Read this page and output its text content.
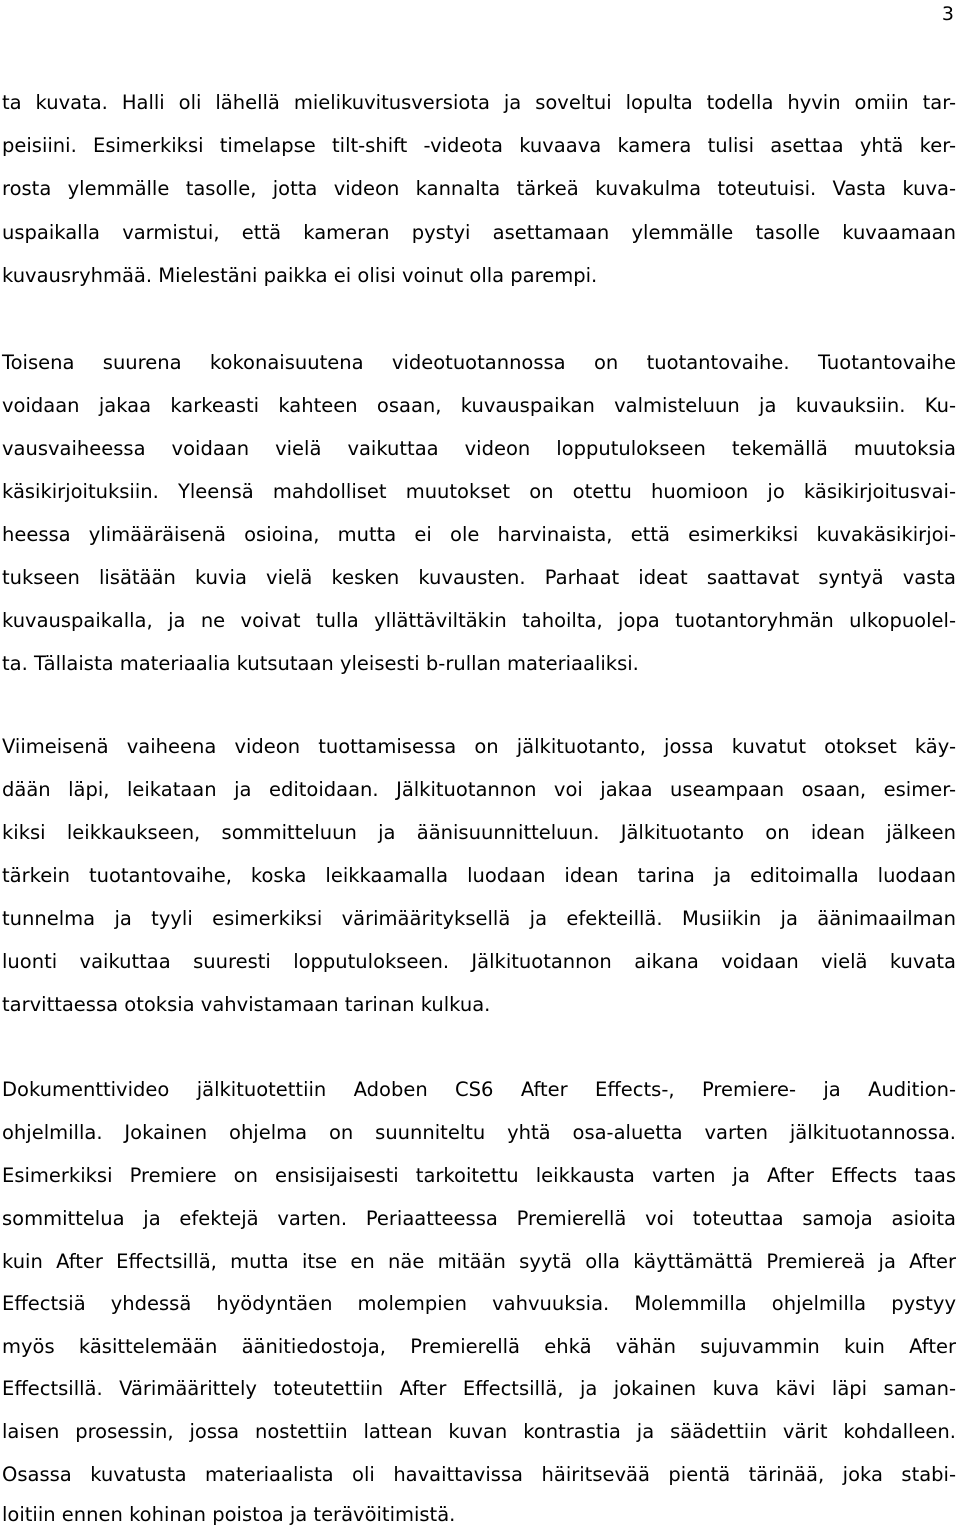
3
ta kuvata. Halli oli lähellä mielikuvitusversiota ja soveltui lopulta todella hyvin omiin tar-
peisiini. Esimerkiksi timelapse tilt-shift -videota kuvaava kamera tulisi asettaa yhtä ker-
rosta ylemmälle tasolle, jotta videon kannalta tärkeä kuvakulma toteutuisi. Vasta kuva-
uspaikalla varmistui, että kameran pystyi asettamaan ylemmälle tasolle kuvaamaan
kuvausryhmää. Mielestäni paikka ei olisi voinut olla parempi.
Toisena suurena kokonaisuutena videotuotannossa on tuotantovaihe. Tuotantovaihe
voidaan jakaa karkeasti kahteen osaan, kuvauspaikan valmisteluun ja kuvauksiin. Ku-
vausvaiheessa voidaan vielä vaikuttaa videon lopputulokseen tekemällä muutoksia
käsikirjoituksiin. Yleensä mahdolliset muutokset on otettu huomioon jo käsikirjoitusvai-
heessa ylimääräisenä osioina, mutta ei ole harvinaista, että esimerkiksi kuvakäsikirjoi-
tukseen lisätään kuvia vielä kesken kuvausten. Parhaat ideat saattavat syntyä vasta
kuvauspaikalla, ja ne voivat tulla yllättäviltäkin tahoilta, jopa tuotantoryhmän ulkopuolel-
ta. Tällaista materiaalia kutsutaan yleisesti b-rullan materiaaliksi.
Viimeisenä vaiheena videon tuottamisessa on jälkituotanto, jossa kuvatut otokset käy-
dään läpi, leikataan ja editoidaan. Jälkituotannon voi jakaa useampaan osaan, esimer-
kiksi leikkaukseen, sommitteluun ja äänisuunnitteluun. Jälkituotanto on idean jälkeen
tärkein tuotantovaihe, koska leikkaamalla luodaan idean tarina ja editoimalla luodaan
tunnelma ja tyyli esimerkiksi värimäärityksellä ja efekteillä. Musiikin ja äänimaailman
luonti vaikuttaa suuresti lopputulokseen. Jälkituotannon aikana voidaan vielä kuvata
tarvittaessa otoksia vahvistamaan tarinan kulkua.
Dokumenttivideo jälkituotettiin Adoben CS6 After Effects-, Premiere- ja Audition-
ohjelmilla. Jokainen ohjelma on suunniteltu yhtä osa-aluetta varten jälkituotannossa.
Esimerkiksi Premiere on ensisijaisesti tarkoitettu leikkausta varten ja After Effects taas
sommittelua ja efektejä varten. Periaatteessa Premierellä voi toteuttaa samoja asioita
kuin After Effectsillä, mutta itse en näe mitään syytä olla käyttämättä Premiereä ja After
Effectsiä yhdessä hyödyntäen molempien vahvuuksia. Molemmilla ohjelmilla pystyy
myös käsittelemään äänitiedostoja, Premierellä ehkä vähän sujuvammin kuin After
Effectsillä. Värimäärittely toteutettiin After Effectsillä, ja jokainen kuva kävi läpi saman-
laisen prosessin, jossa nostettiin lattean kuvan kontrastia ja säädettiin värit kohdalleen.
Osassa kuvatusta materiaalista oli havaittavissa häiritsevää pientä tärinää, joka stabi-
loitiin ennen kohinan poistoa ja terävöitimistä.
